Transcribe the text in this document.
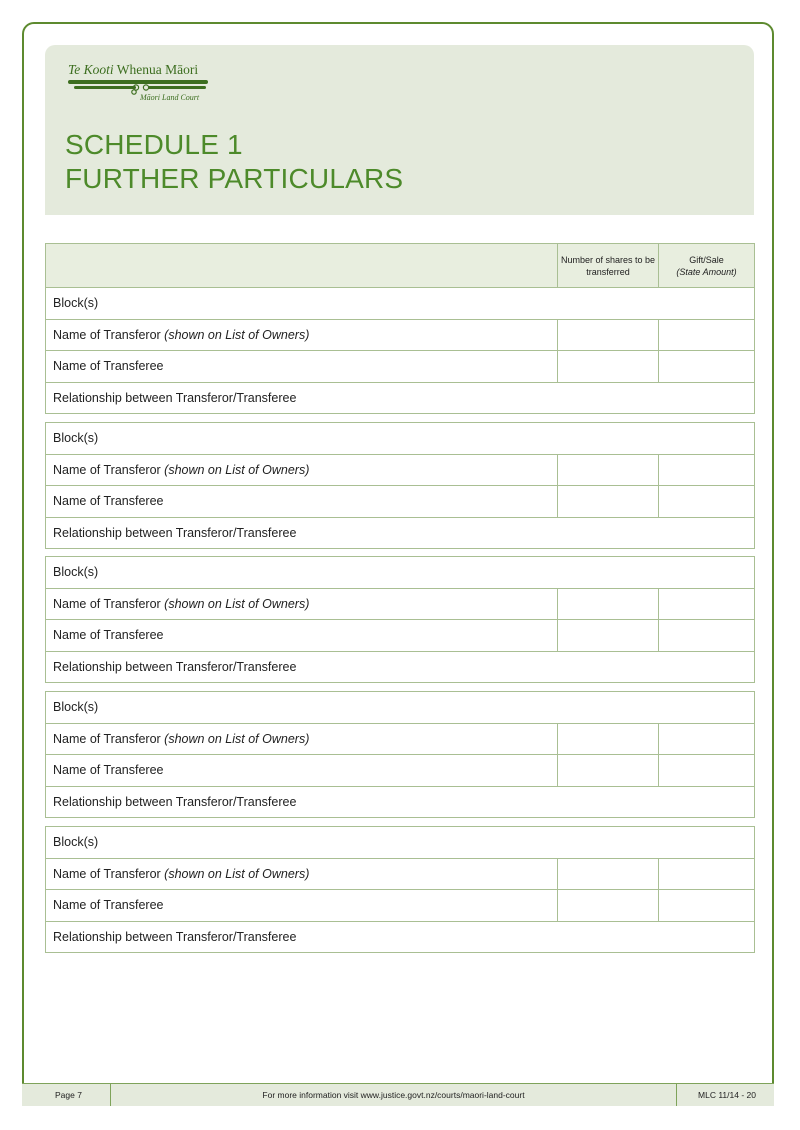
Te Kooti Whenua Māori
Māori Land Court
SCHEDULE 1
FURTHER PARTICULARS
	Number of shares to be transferred	Gift/Sale
(State Amount)
Block(s)		
Name of Transferor (shown on List of Owners)		
Name of Transferee		
Relationship between Transferor/Transferee		
Block(s)		
Name of Transferor (shown on List of Owners)		
Name of Transferee		
Relationship between Transferor/Transferee		
Block(s)		
Name of Transferor (shown on List of Owners)		
Name of Transferee		
Relationship between Transferor/Transferee		
Block(s)		
Name of Transferor (shown on List of Owners)		
Name of Transferee		
Relationship between Transferor/Transferee		
Block(s)		
Name of Transferor (shown on List of Owners)		
Name of Transferee		
Relationship between Transferor/Transferee		
Page 7	For more information visit www.justice.govt.nz/courts/maori-land-court	MLC 11/14 - 20
